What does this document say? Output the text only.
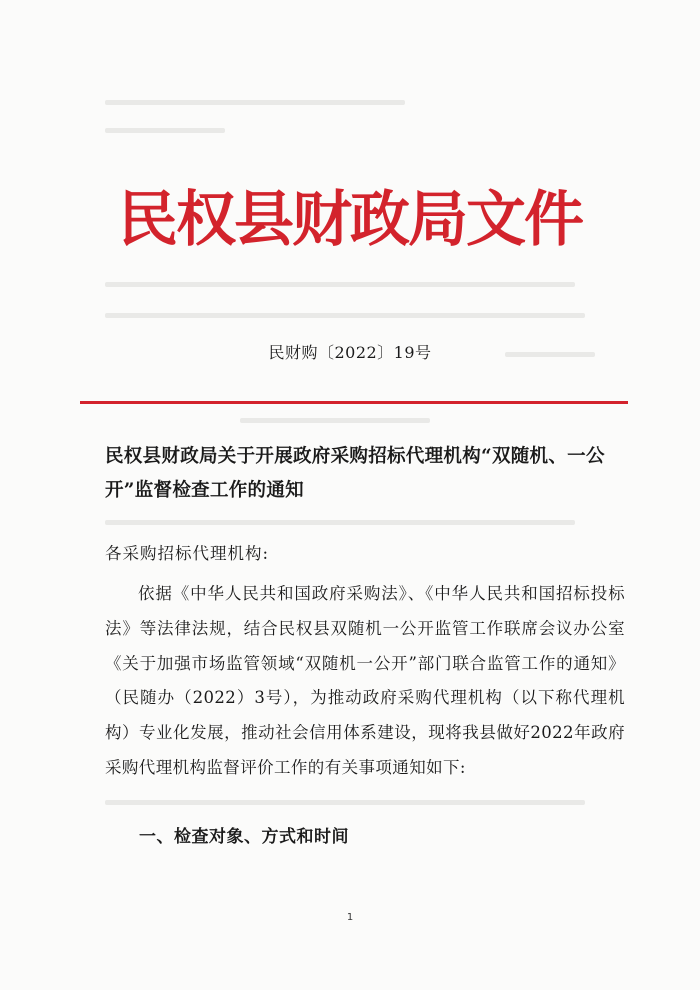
民权县财政局文件
民财购〔2022〕19号
民权县财政局关于开展政府采购招标代理机构“双随机、一公开”监督检查工作的通知
各采购招标代理机构:
依据《中华人民共和国政府采购法》、《中华人民共和国招标投标法》等法律法规，结合民权县双随机一公开监管工作联席会议办公室《关于加强市场监管领域“双随机一公开”部门联合监管工作的通知》（民随办（2022）3号），为推动政府采购代理机构（以下称代理机构）专业化发展，推动社会信用体系建设，现将我县做好2022年政府采购代理机构监督评价工作的有关事项通知如下:
一、检查对象、方式和时间
1
